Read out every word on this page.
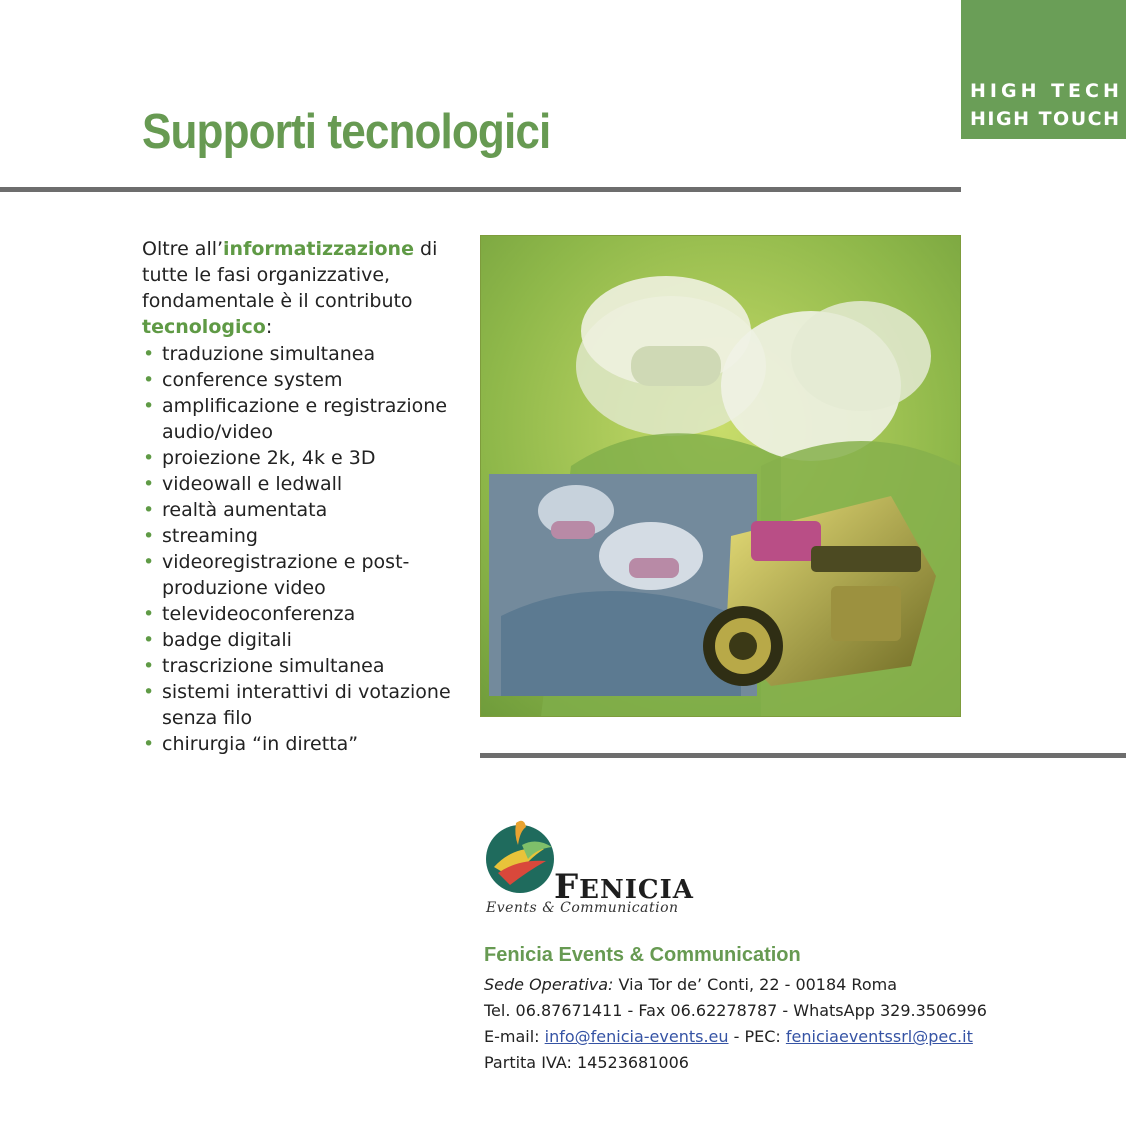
HIGH TECH
HIGH TOUCH
Supporti tecnologici
Oltre all’informatizzazione di tutte le fasi organizzative, fondamentale è il contributo tecnologico:
• traduzione simultanea
• conference system
• amplificazione e registrazione audio/video
• proiezione 2k, 4k e 3D
• videowall e ledwall
• realtà aumentata
• streaming
• videoregistrazione e post-produzione video
• televideoconferenza
• badge digitali
• trascrizione simultanea
• sistemi interattivi di votazione senza filo
• chirurgia “in diretta”
FENICIA
Events & Communication
Fenicia Events & Communication
Sede Operativa: Via Tor de’ Conti, 22 - 00184 Roma
Tel. 06.87671411 - Fax 06.62278787 - WhatsApp 329.3506996
E-mail: info@fenicia-events.eu - PEC: feniciaeventssrl@pec.it
Partita IVA: 14523681006
